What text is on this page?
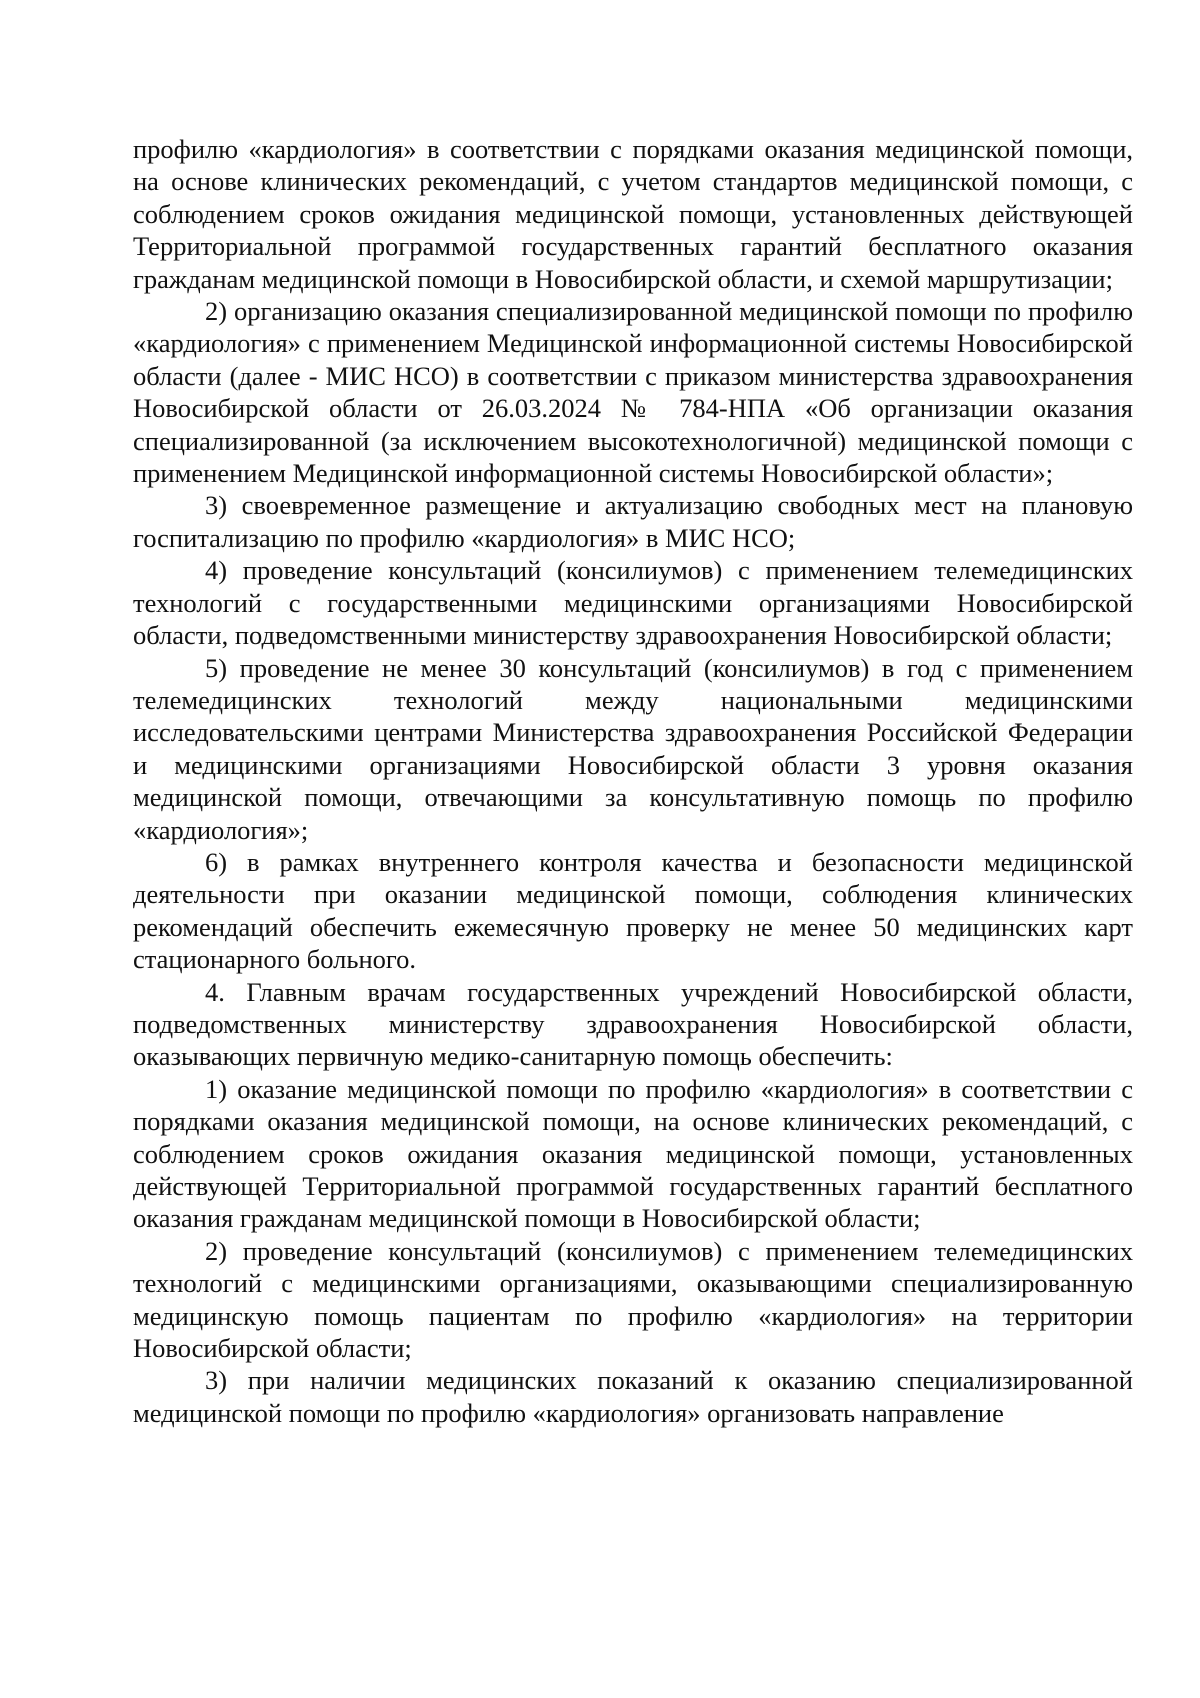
профилю «кардиология» в соответствии с порядками оказания медицинской помощи, на основе клинических рекомендаций, с учетом стандартов медицинской помощи, с соблюдением сроков ожидания медицинской помощи, установленных действующей Территориальной программой государственных гарантий бесплатного оказания гражданам медицинской помощи в Новосибирской области, и схемой маршрутизации;

2) организацию оказания специализированной медицинской помощи по профилю «кардиология» с применением Медицинской информационной системы Новосибирской области (далее - МИС НСО) в соответствии с приказом министерства здравоохранения Новосибирской области от 26.03.2024 № 784-НПА «Об организации оказания специализированной (за исключением высокотехнологичной) медицинской помощи с применением Медицинской информационной системы Новосибирской области»;

3) своевременное размещение и актуализацию свободных мест на плановую госпитализацию по профилю «кардиология» в МИС НСО;

4) проведение консультаций (консилиумов) с применением телемедицинских технологий с государственными медицинскими организациями Новосибирской области, подведомственными министерству здравоохранения Новосибирской области;

5) проведение не менее 30 консультаций (консилиумов) в год с применением телемедицинских технологий между национальными медицинскими исследовательскими центрами Министерства здравоохранения Российской Федерации и медицинскими организациями Новосибирской области 3 уровня оказания медицинской помощи, отвечающими за консультативную помощь по профилю «кардиология»;

6) в рамках внутреннего контроля качества и безопасности медицинской деятельности при оказании медицинской помощи, соблюдения клинических рекомендаций обеспечить ежемесячную проверку не менее 50 медицинских карт стационарного больного.

4. Главным врачам государственных учреждений Новосибирской области, подведомственных министерству здравоохранения Новосибирской области, оказывающих первичную медико-санитарную помощь обеспечить:

1) оказание медицинской помощи по профилю «кардиология» в соответствии с порядками оказания медицинской помощи, на основе клинических рекомендаций, с соблюдением сроков ожидания оказания медицинской помощи, установленных действующей Территориальной программой государственных гарантий бесплатного оказания гражданам медицинской помощи в Новосибирской области;

2) проведение консультаций (консилиумов) с применением телемедицинских технологий с медицинскими организациями, оказывающими специализированную медицинскую помощь пациентам по профилю «кардиология» на территории Новосибирской области;

3) при наличии медицинских показаний к оказанию специализированной медицинской помощи по профилю «кардиология» организовать направление
